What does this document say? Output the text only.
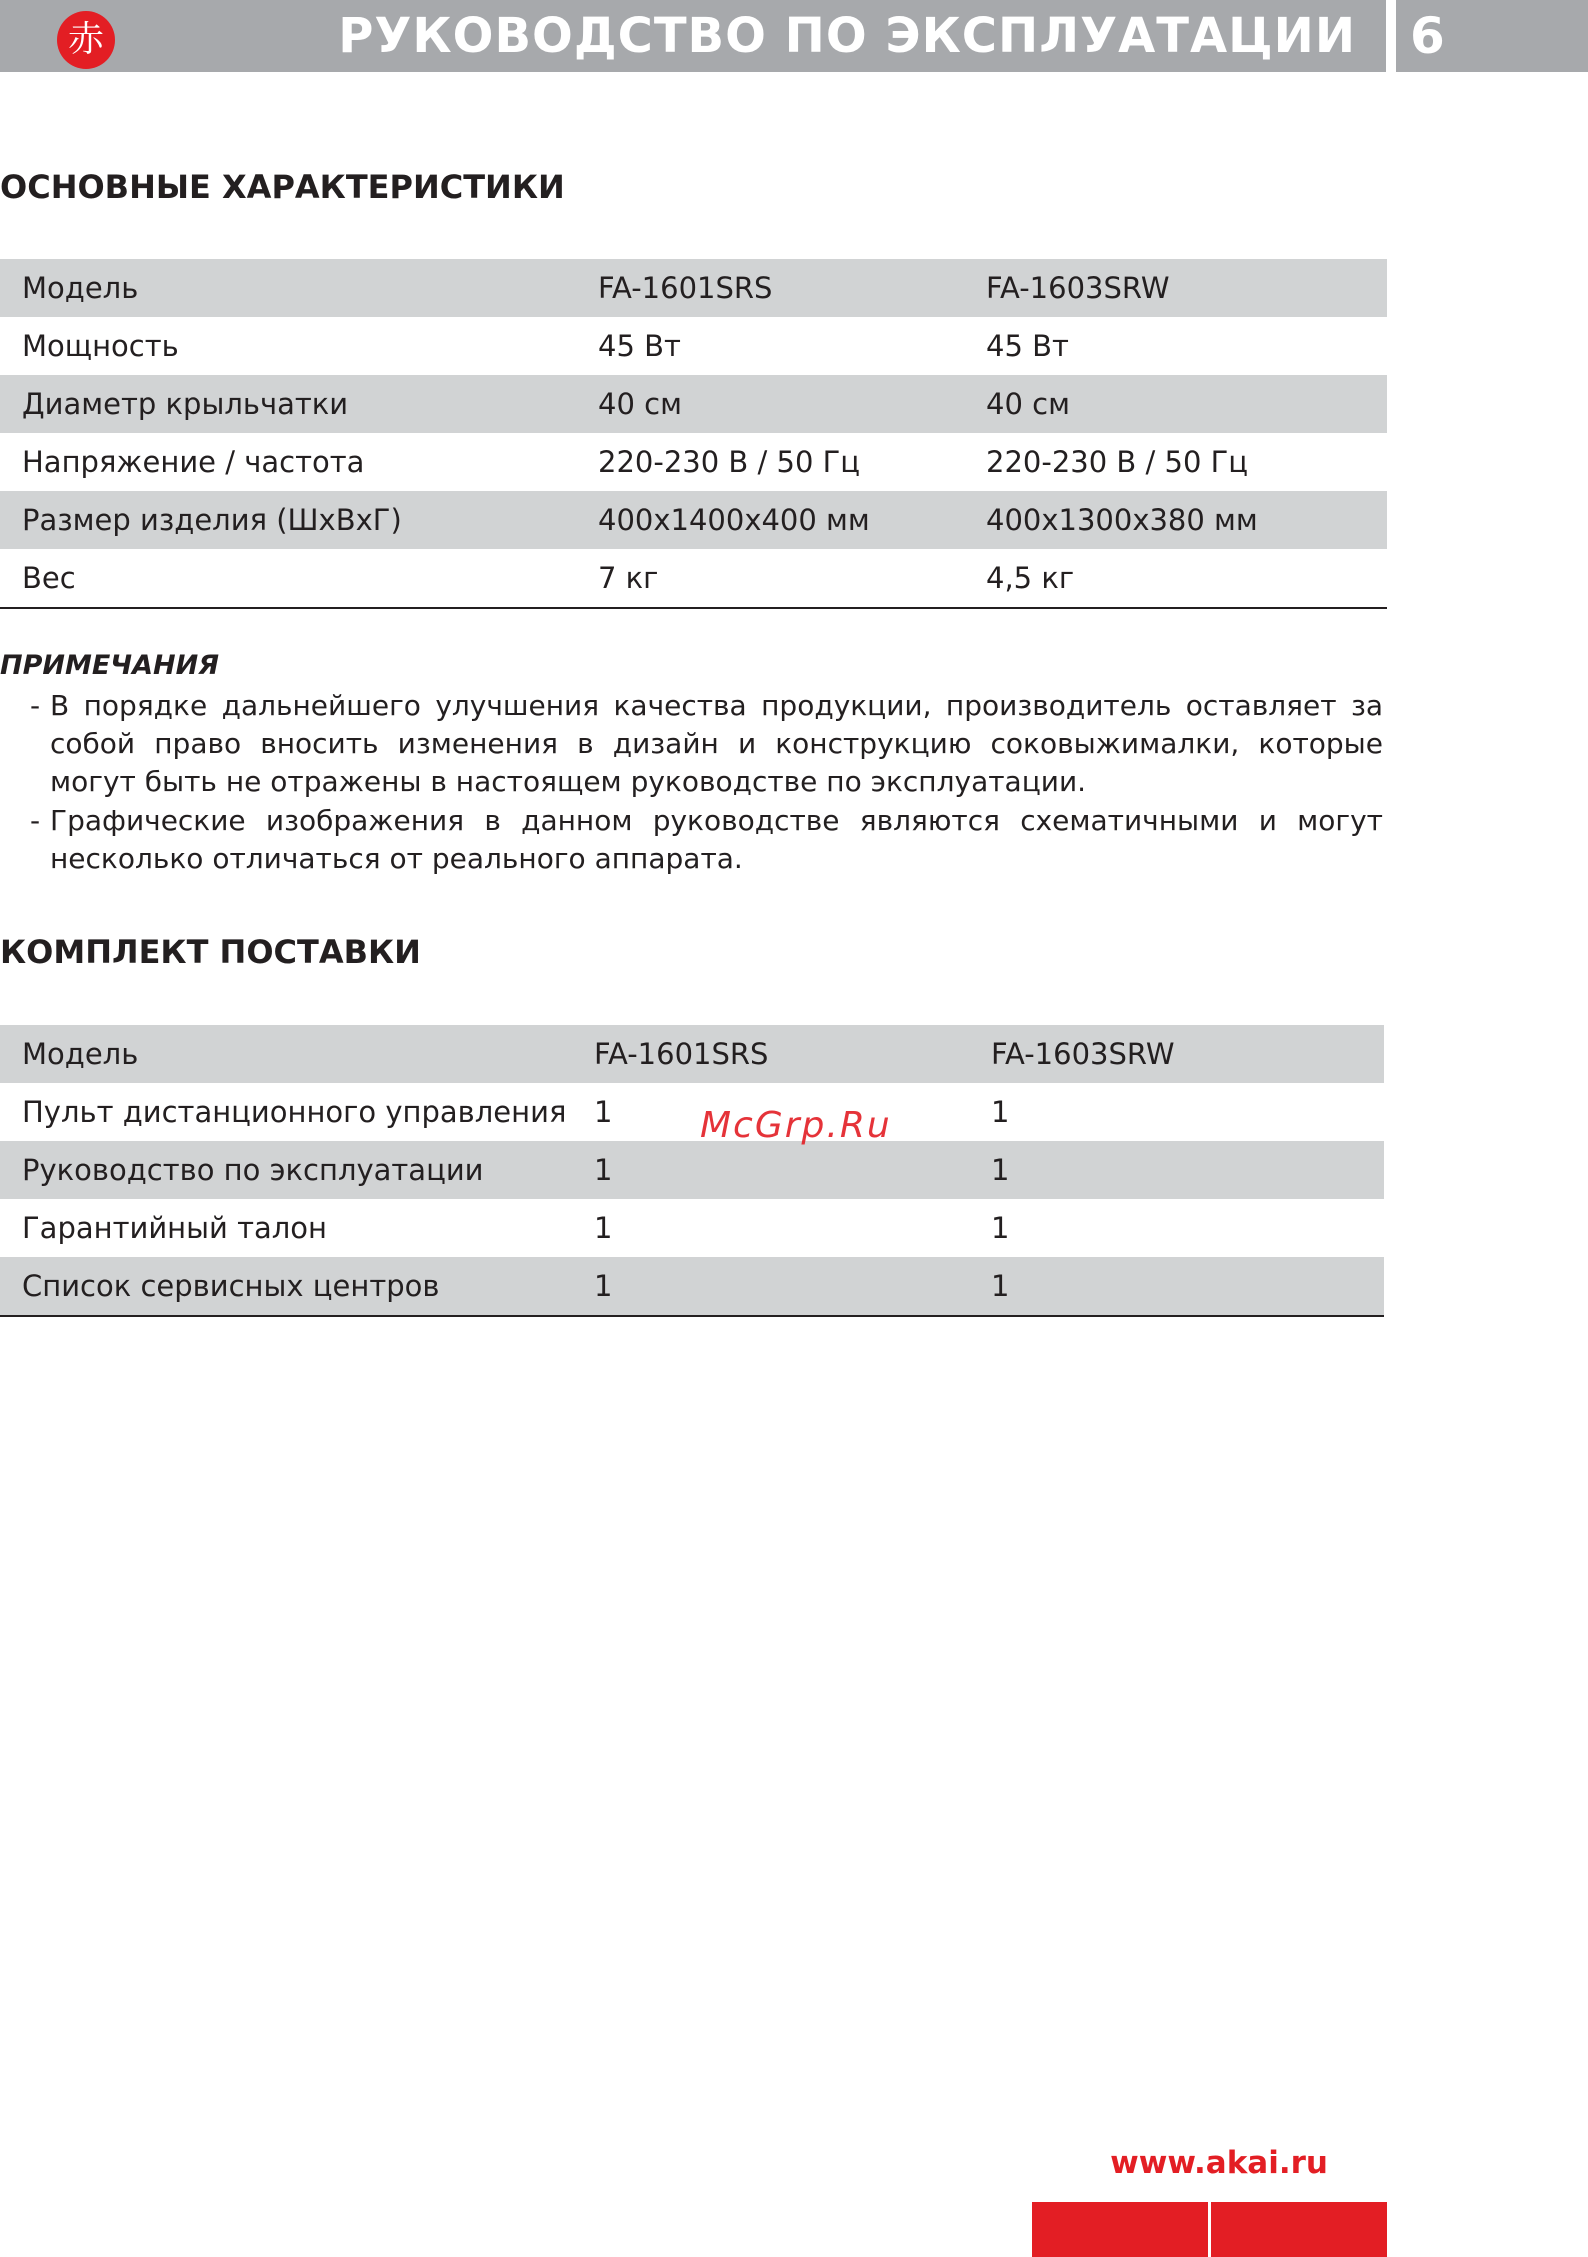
赤	РУКОВОДСТВО ПО ЭКСПЛУАТАЦИИ 6
ОСНОВНЫЕ ХАРАКТЕРИСТИКИ
Модель	FA-1601SRS	FA-1603SRW
Мощность	45 Вт	45 Вт
Диаметр крыльчатки	40 см	40 см
Напряжение / частота	220-230 В / 50 Гц	220-230 В / 50 Гц
Размер изделия (ШхВхГ)	400x1400x400 мм	400x1300x380 мм
Вес	7 кг	4,5 кг
ПРИМЕЧАНИЯ
- В порядке дальнейшего улучшения качества продукции, производитель оставляет за собой право вносить изменения в дизайн и конструкцию соковыжималки, которые могут быть не отражены в настоящем руководстве по эксплуатации.
- Графические изображения в данном руководстве являются схематичными и могут несколько отличаться от реального аппарата.
КОМПЛЕКТ ПОСТАВКИ
Модель	FA-1601SRS	FA-1603SRW
Пульт дистанционного управления	1	1
Руководство по эксплуатации	1	1
Гарантийный талон	1	1
Список сервисных центров	1	1
McGrp.Ru
www.akai.ru
